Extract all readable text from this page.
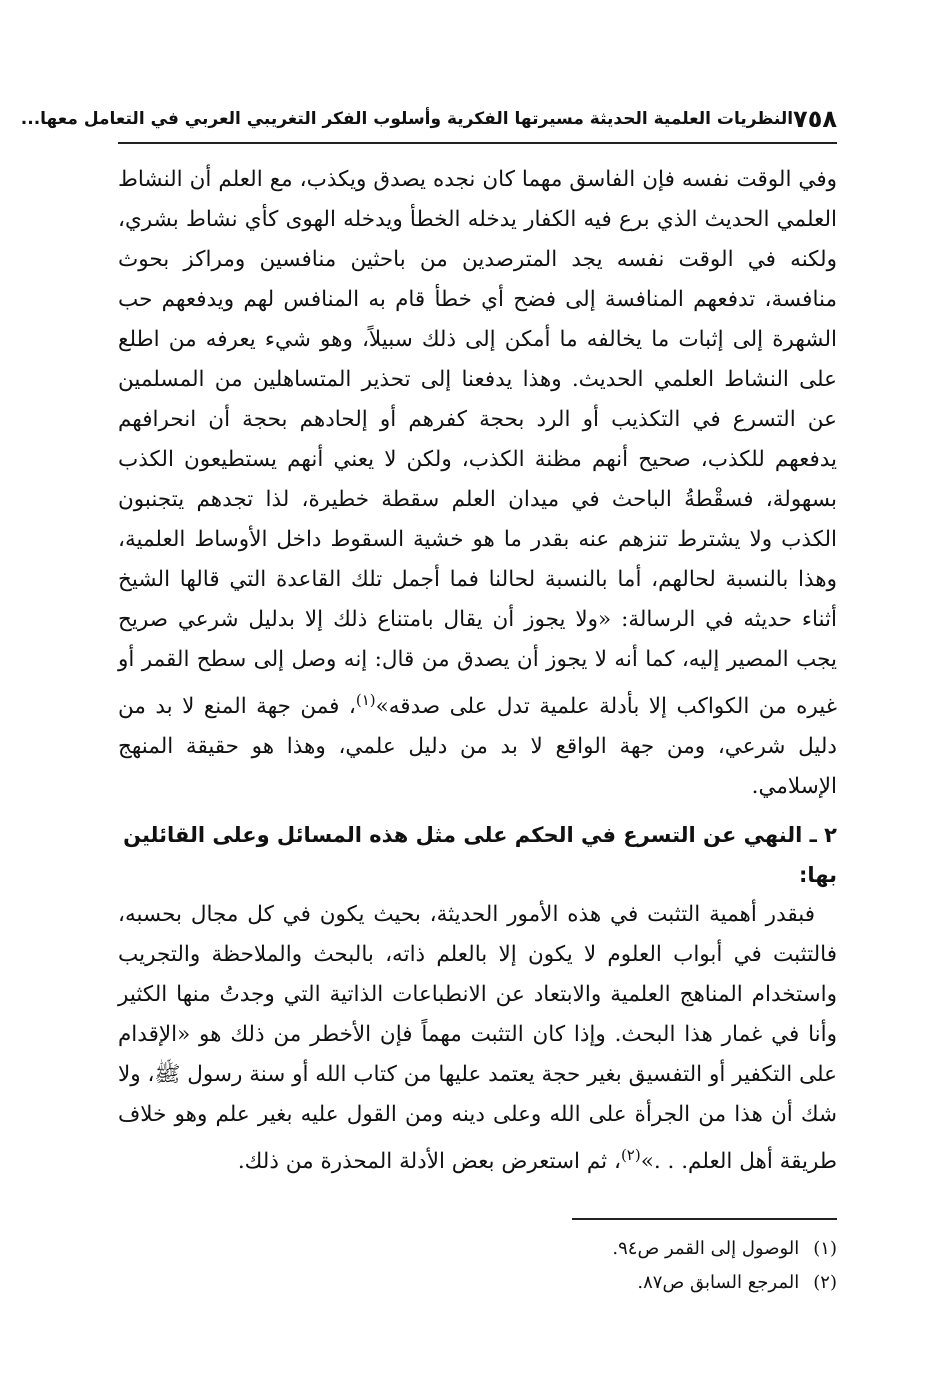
٧٥٨
النظريات العلمية الحديثة مسيرتها الفكرية وأسلوب الفكر التغريبي العربي في التعامل معها...

وفي الوقت نفسه فإن الفاسق مهما كان نجده يصدق ويكذب، مع العلم أن النشاط العلمي الحديث الذي برع فيه الكفار يدخله الخطأ ويدخله الهوى كأي نشاط بشري، ولكنه في الوقت نفسه يجد المترصدين من باحثين منافسين ومراكز بحوث منافسة، تدفعهم المنافسة إلى فضح أي خطأ قام به المنافس لهم ويدفعهم حب الشهرة إلى إثبات ما يخالفه ما أمكن إلى ذلك سبيلاً، وهو شيء يعرفه من اطلع على النشاط العلمي الحديث. وهذا يدفعنا إلى تحذير المتساهلين من المسلمين عن التسرع في التكذيب أو الرد بحجة كفرهم أو إلحادهم بحجة أن انحرافهم يدفعهم للكذب، صحيح أنهم مظنة الكذب، ولكن لا يعني أنهم يستطيعون الكذب بسهولة، فسقْطةُ الباحث في ميدان العلم سقطة خطيرة، لذا تجدهم يتجنبون الكذب ولا يشترط تنزهم عنه بقدر ما هو خشية السقوط داخل الأوساط العلمية، وهذا بالنسبة لحالهم، أما بالنسبة لحالنا فما أجمل تلك القاعدة التي قالها الشيخ أثناء حديثه في الرسالة: «ولا يجوز أن يقال بامتناع ذلك إلا بدليل شرعي صريح يجب المصير إليه، كما أنه لا يجوز أن يصدق من قال: إنه وصل إلى سطح القمر أو غيره من الكواكب إلا بأدلة علمية تدل على صدقه»$^{(١)}$، فمن جهة المنع لا بد من دليل شرعي، ومن جهة الواقع لا بد من دليل علمي، وهذا هو حقيقة المنهج الإسلامي.

٢ ـ النهي عن التسرع في الحكم على مثل هذه المسائل وعلى القائلين بها:

فبقدر أهمية التثبت في هذه الأمور الحديثة، بحيث يكون في كل مجال بحسبه، فالتثبت في أبواب العلوم لا يكون إلا بالعلم ذاته، بالبحث والملاحظة والتجريب واستخدام المناهج العلمية والابتعاد عن الانطباعات الذاتية التي وجدتُ منها الكثير وأنا في غمار هذا البحث. وإذا كان التثبت مهماً فإن الأخطر من ذلك هو «الإقدام على التكفير أو التفسيق بغير حجة يعتمد عليها من كتاب الله أو سنة رسول ﷺ، ولا شك أن هذا من الجرأة على الله وعلى دينه ومن القول عليه بغير علم وهو خلاف طريقة أهل العلم. . .»$^{(٢)}$، ثم استعرض بعض الأدلة المحذرة من ذلك.

(١)
الوصول إلى القمر ص٩٤.
(٢)
المرجع السابق ص٨٧.
